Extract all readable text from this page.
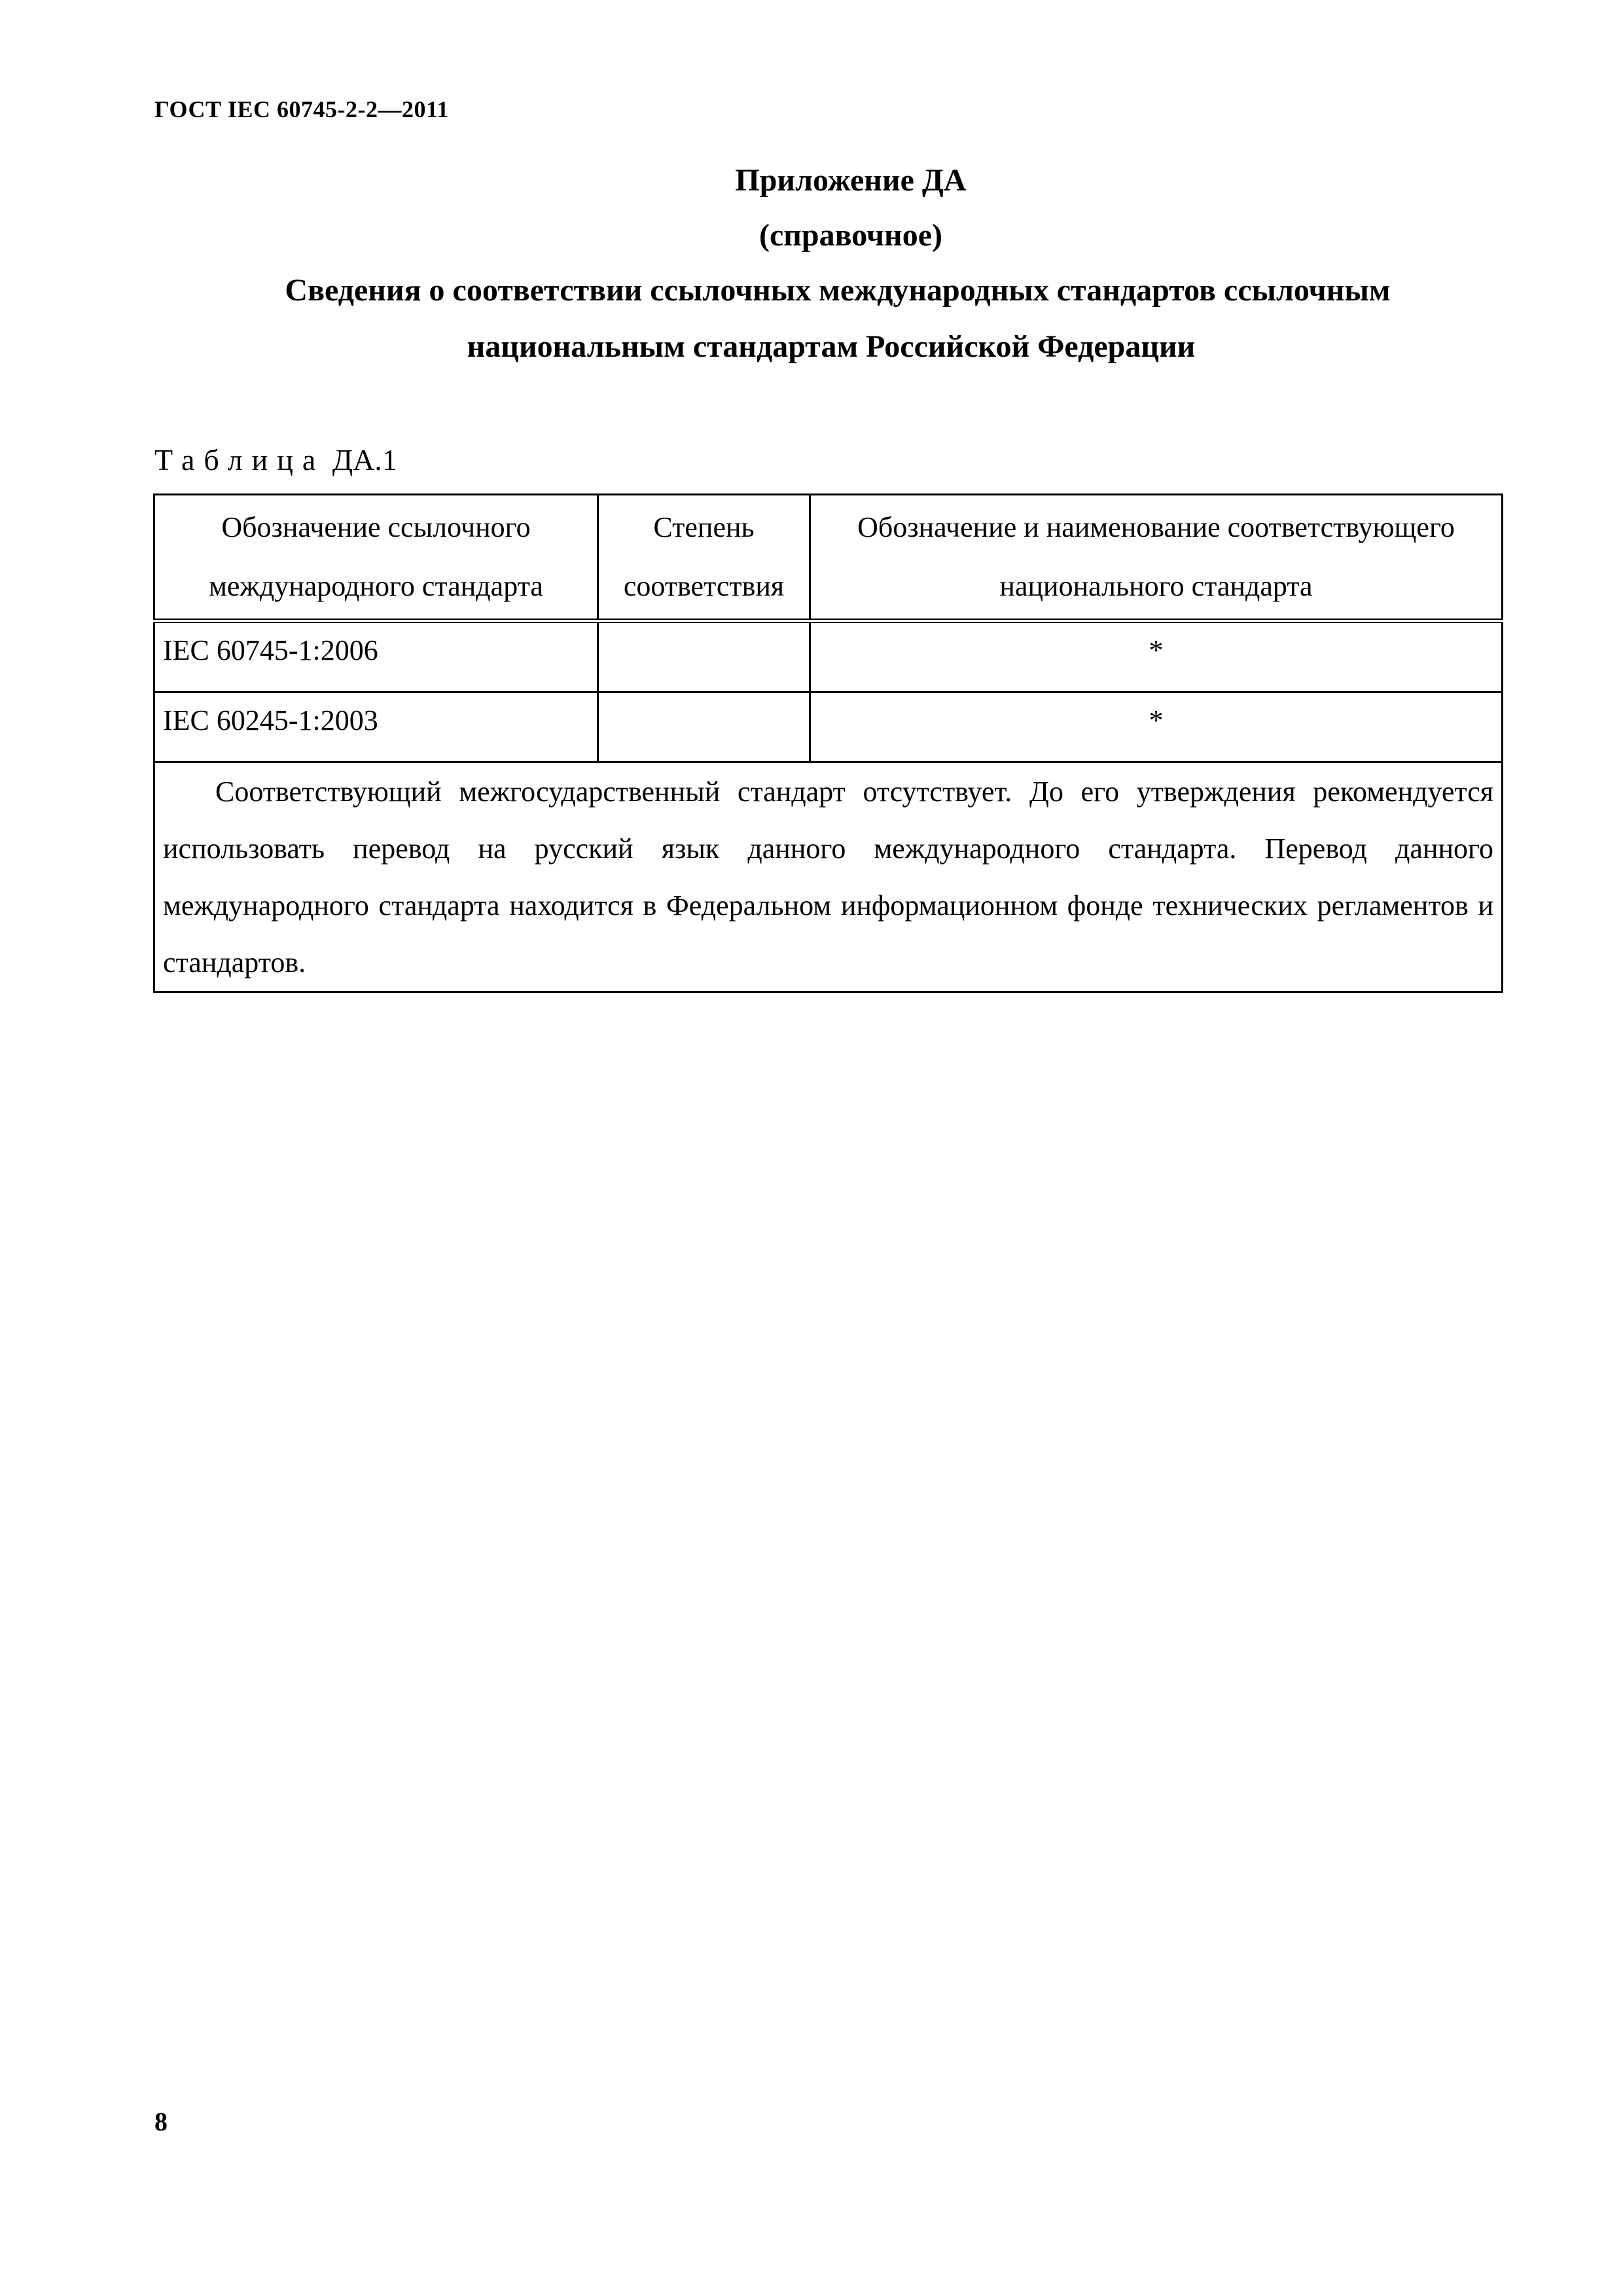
ГОСТ IEC 60745-2-2—2011
Приложение ДА
(справочное)
Сведения о соответствии ссылочных международных стандартов ссылочным
национальным стандартам Российской Федерации
Таблица ДА.1
Обозначение ссылочного международного стандарта	Степень соответствия	Обозначение и наименование соответствующего национального стандарта
IEC 60745-1:2006		*
IEC 60245-1:2003		*
Соответствующий межгосударственный стандарт отсутствует. До его утверждения рекомендуется использовать перевод на русский язык данного международного стандарта. Перевод данного международного стандарта находится в Федеральном информационном фонде технических регламентов и стандартов.		
8
